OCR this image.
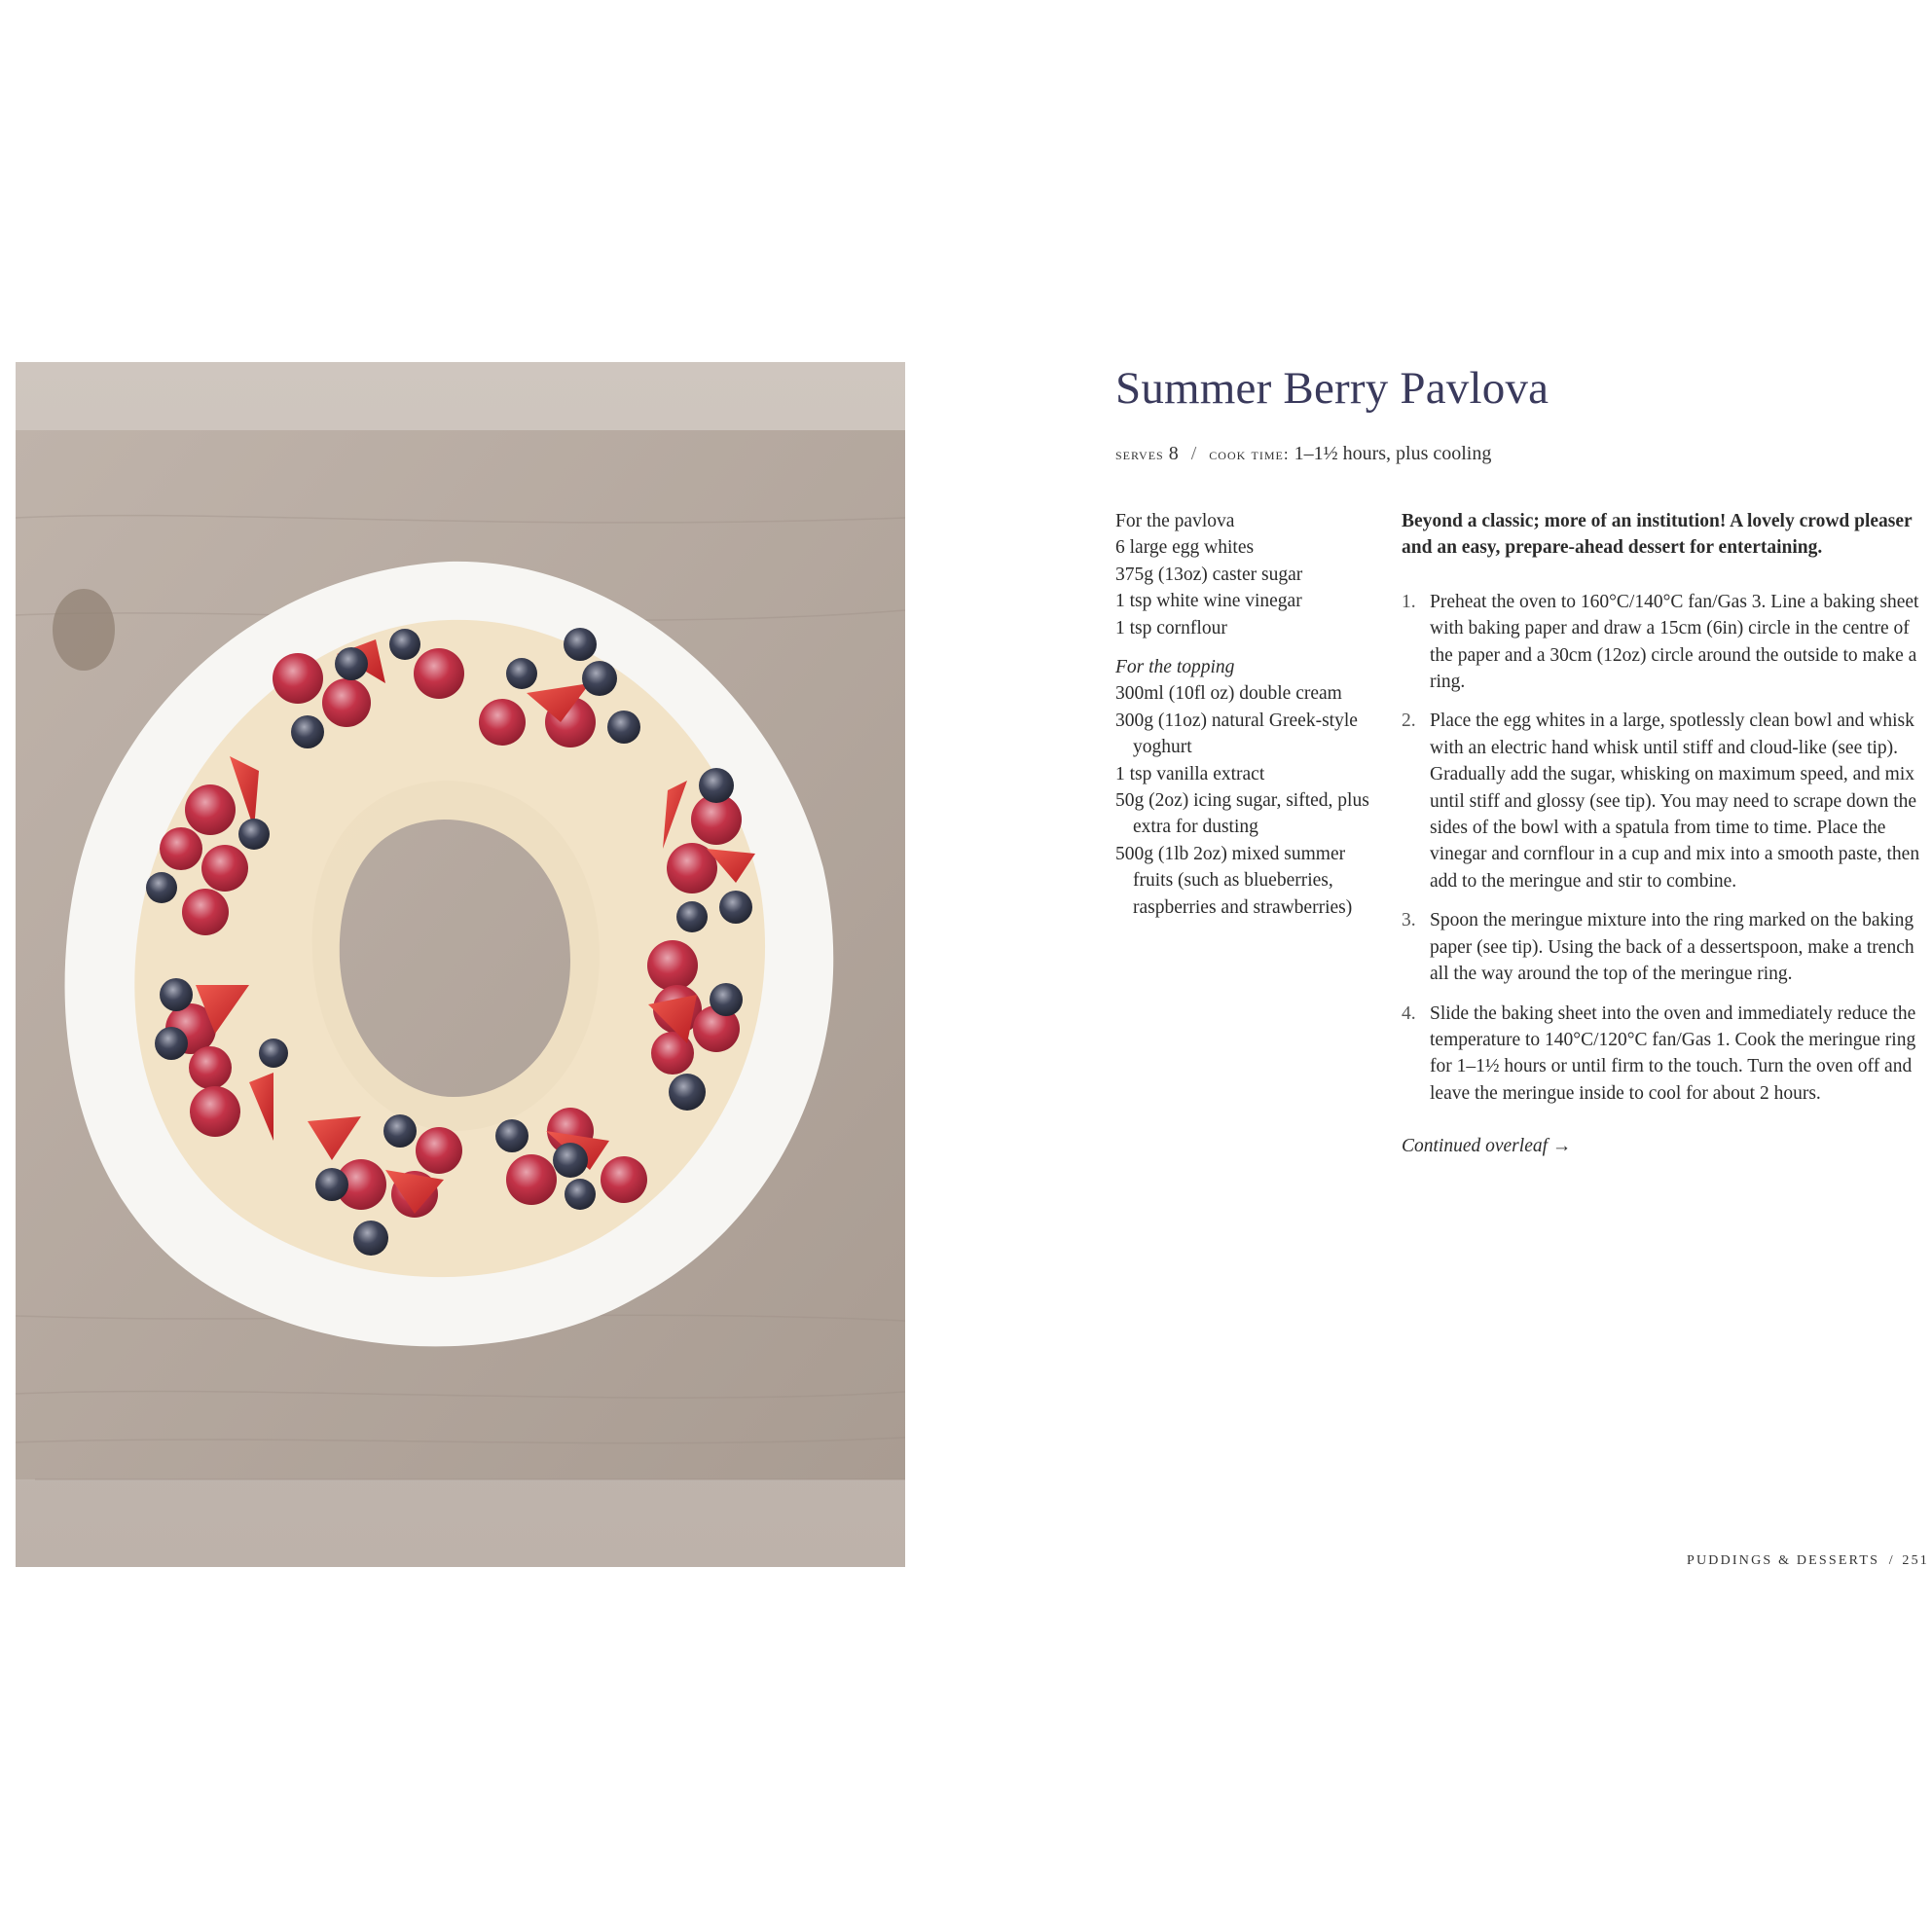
Summer Berry Pavlova
serves 8 / cook time: 1–1½ hours, plus cooling
For the pavlova
6 large egg whites
375g (13oz) caster sugar
1 tsp white wine vinegar
1 tsp cornflour
For the topping
300ml (10fl oz) double cream
300g (11oz) natural Greek-style yoghurt
1 tsp vanilla extract
50g (2oz) icing sugar, sifted, plus extra for dusting
500g (1lb 2oz) mixed summer fruits (such as blueberries, raspberries and strawberries)

Beyond a classic; more of an institution! A lovely crowd pleaser and an easy, prepare-ahead dessert for entertaining.

1. Preheat the oven to 160°C/140°C fan/Gas 3. Line a baking sheet with baking paper and draw a 15cm (6in) circle in the centre of the paper and a 30cm (12oz) circle around the outside to make a ring.
2. Place the egg whites in a large, spotlessly clean bowl and whisk with an electric hand whisk until stiff and cloud-like (see tip). Gradually add the sugar, whisking on maximum speed, and mix until stiff and glossy (see tip). You may need to scrape down the sides of the bowl with a spatula from time to time. Place the vinegar and cornflour in a cup and mix into a smooth paste, then add to the meringue and stir to combine.
3. Spoon the meringue mixture into the ring marked on the baking paper (see tip). Using the back of a dessertspoon, make a trench all the way around the top of the meringue ring.
4. Slide the baking sheet into the oven and immediately reduce the temperature to 140°C/120°C fan/Gas 1. Cook the meringue ring for 1–1½ hours or until firm to the touch. Turn the oven off and leave the meringue inside to cool for about 2 hours.
Continued overleaf →
PUDDINGS & DESSERTS / 251
